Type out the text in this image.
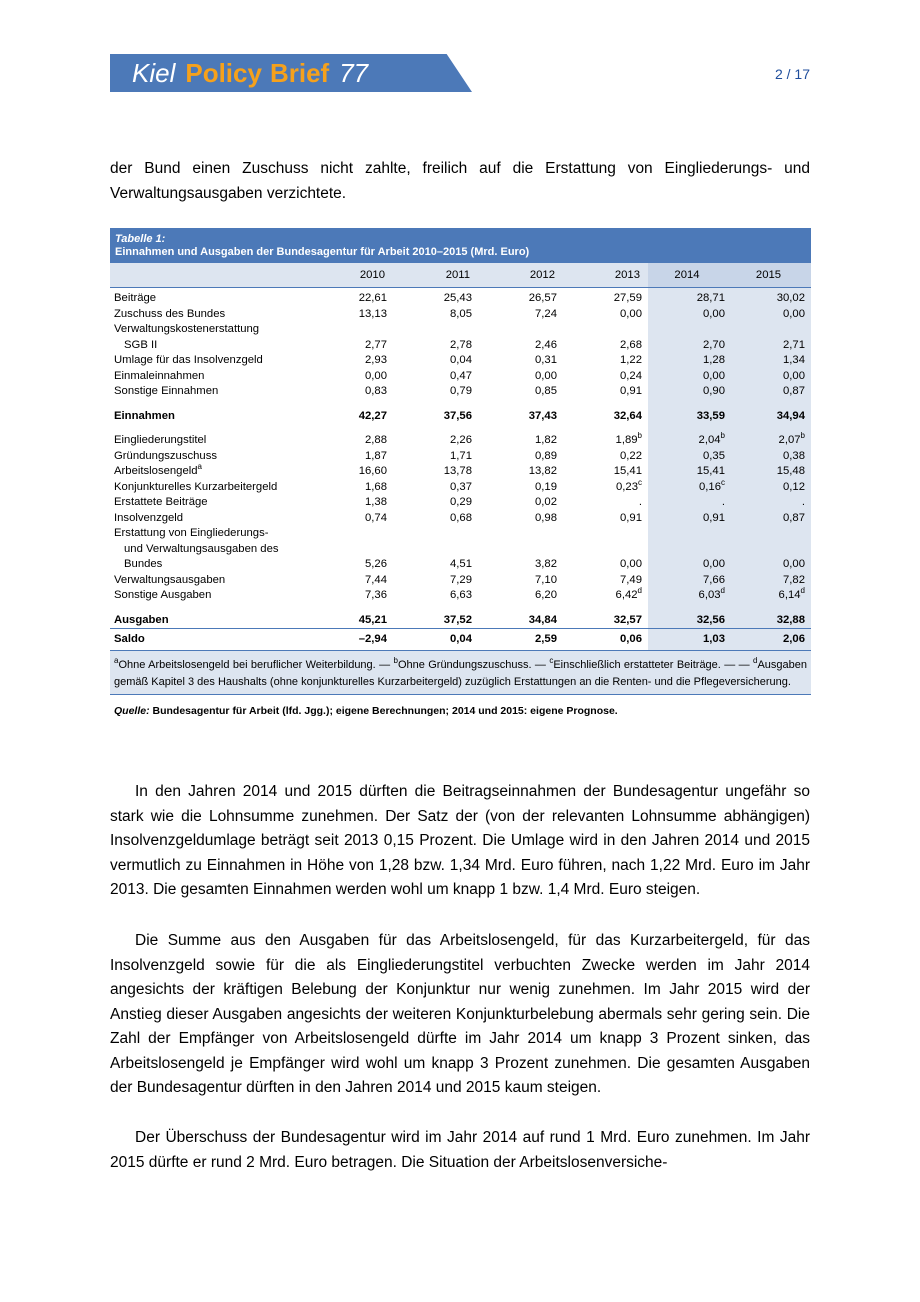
Kiel Policy Brief 77	2 / 17

der Bund einen Zuschuss nicht zahlte, freilich auf die Erstattung von Eingliederungs- und Verwaltungsausgaben verzichtete.

Tabelle 1:
Einnahmen und Ausgaben der Bundesagentur für Arbeit 2010–2015 (Mrd. Euro)
	2010	2011	2012	2013	2014	2015
Beiträge	22,61	25,43	26,57	27,59	28,71	30,02
Zuschuss des Bundes	13,13	8,05	7,24	0,00	0,00	0,00
Verwaltungskostenerstattung						
SGB II	2,77	2,78	2,46	2,68	2,70	2,71
Umlage für das Insolvenzgeld	2,93	0,04	0,31	1,22	1,28	1,34
Einmaleinnahmen	0,00	0,47	0,00	0,24	0,00	0,00
Sonstige Einnahmen	0,83	0,79	0,85	0,91	0,90	0,87

Einnahmen	42,27	37,56	37,43	32,64	33,59	34,94

Eingliederungstitel	2,88	2,26	1,82	1,89$^b$	2,04$^b$	2,07$^b$
Gründungszuschuss	1,87	1,71	0,89	0,22	0,35	0,38
Arbeitslosengeld$^a$	16,60	13,78	13,82	15,41	15,41	15,48
Konjunkturelles Kurzarbeitergeld	1,68	0,37	0,19	0,23$^c$	0,16$^c$	0,12
Erstattete Beiträge	1,38	0,29	0,02	.	.	.
Insolvenzgeld	0,74	0,68	0,98	0,91	0,91	0,87
Erstattung von Eingliederungs-						
und Verwaltungsausgaben des						
Bundes	5,26	4,51	3,82	0,00	0,00	0,00
Verwaltungsausgaben	7,44	7,29	7,10	7,49	7,66	7,82
Sonstige Ausgaben	7,36	6,63	6,20	6,42$^d$	6,03$^d$	6,14$^d$

Ausgaben	45,21	37,52	34,84	32,57	32,56	32,88
Saldo	–2,94	0,04	2,59	0,06	1,03	2,06
$^a$Ohne Arbeitslosengeld bei beruflicher Weiterbildung. — $^b$Ohne Gründungszuschuss. — $^c$Einschließlich erstatteter Beiträge. — — $^d$Ausgaben gemäß Kapitel 3 des Haushalts (ohne konjunkturelles Kurzarbeitergeld) zuzüglich Erstattungen an die Renten- und die Pflegeversicherung.
Quelle: Bundesagentur für Arbeit (lfd. Jgg.); eigene Berechnungen; 2014 und 2015: eigene Prognose.

In den Jahren 2014 und 2015 dürften die Beitragseinnahmen der Bundesagentur ungefähr so stark wie die Lohnsumme zunehmen. Der Satz der (von der relevanten Lohnsumme abhängigen) Insolvenzgeldumlage beträgt seit 2013 0,15 Prozent. Die Umlage wird in den Jahren 2014 und 2015 vermutlich zu Einnahmen in Höhe von 1,28 bzw. 1,34 Mrd. Euro führen, nach 1,22 Mrd. Euro im Jahr 2013. Die gesamten Einnahmen werden wohl um knapp 1 bzw. 1,4 Mrd. Euro steigen.

Die Summe aus den Ausgaben für das Arbeitslosengeld, für das Kurzarbeitergeld, für das Insolvenzgeld sowie für die als Eingliederungstitel verbuchten Zwecke werden im Jahr 2014 angesichts der kräftigen Belebung der Konjunktur nur wenig zunehmen. Im Jahr 2015 wird der Anstieg dieser Ausgaben angesichts der weiteren Konjunkturbelebung abermals sehr gering sein. Die Zahl der Empfänger von Arbeitslosengeld dürfte im Jahr 2014 um knapp 3 Prozent sinken, das Arbeitslosengeld je Empfänger wird wohl um knapp 3 Prozent zunehmen. Die gesamten Ausgaben der Bundesagentur dürften in den Jahren 2014 und 2015 kaum steigen.

Der Überschuss der Bundesagentur wird im Jahr 2014 auf rund 1 Mrd. Euro zunehmen. Im Jahr 2015 dürfte er rund 2 Mrd. Euro betragen. Die Situation der Arbeitslosenversiche-
